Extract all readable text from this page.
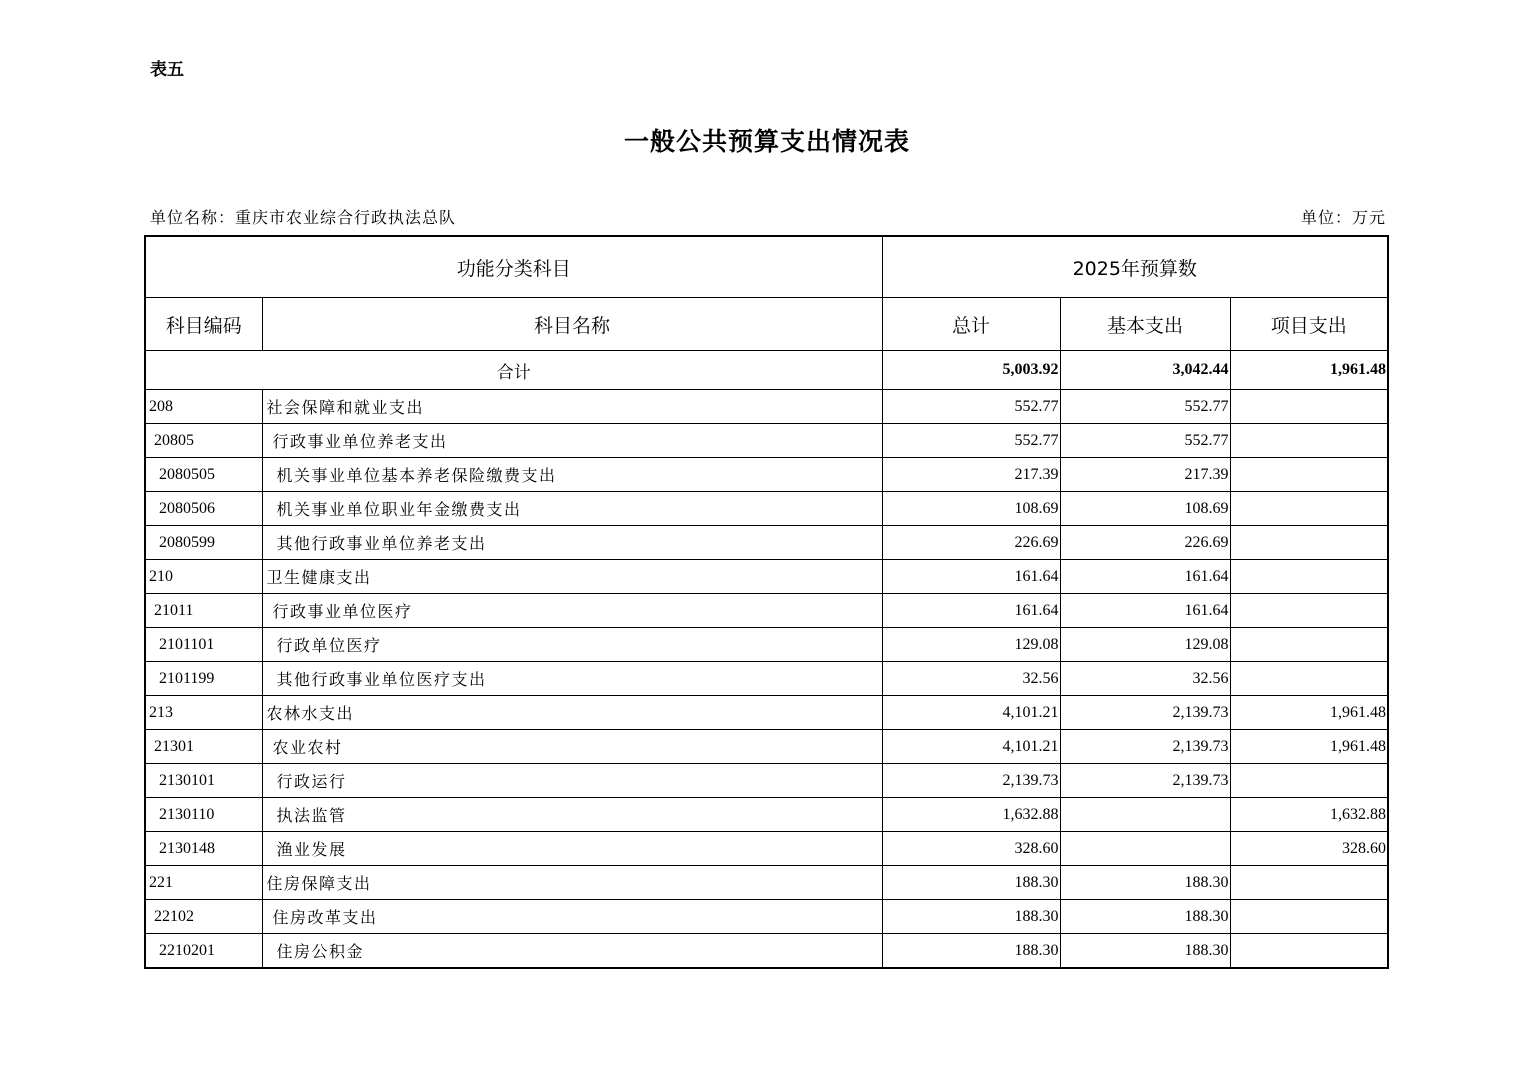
表五
一般公共预算支出情况表
单位名称：重庆市农业综合行政执法总队	单位：万元
功能分类科目		2025年预算数		
科目编码	科目名称	总计	基本支出	项目支出
合计		5,003.92	3,042.44	1,961.48
208	社会保障和就业支出	552.77	552.77	
20805	行政事业单位养老支出	552.77	552.77	
2080505	机关事业单位基本养老保险缴费支出	217.39	217.39	
2080506	机关事业单位职业年金缴费支出	108.69	108.69	
2080599	其他行政事业单位养老支出	226.69	226.69	
210	卫生健康支出	161.64	161.64	
21011	行政事业单位医疗	161.64	161.64	
2101101	行政单位医疗	129.08	129.08	
2101199	其他行政事业单位医疗支出	32.56	32.56	
213	农林水支出	4,101.21	2,139.73	1,961.48
21301	农业农村	4,101.21	2,139.73	1,961.48
2130101	行政运行	2,139.73	2,139.73	
2130110	执法监管	1,632.88		1,632.88
2130148	渔业发展	328.60		328.60
221	住房保障支出	188.30	188.30	
22102	住房改革支出	188.30	188.30	
2210201	住房公积金	188.30	188.30	
